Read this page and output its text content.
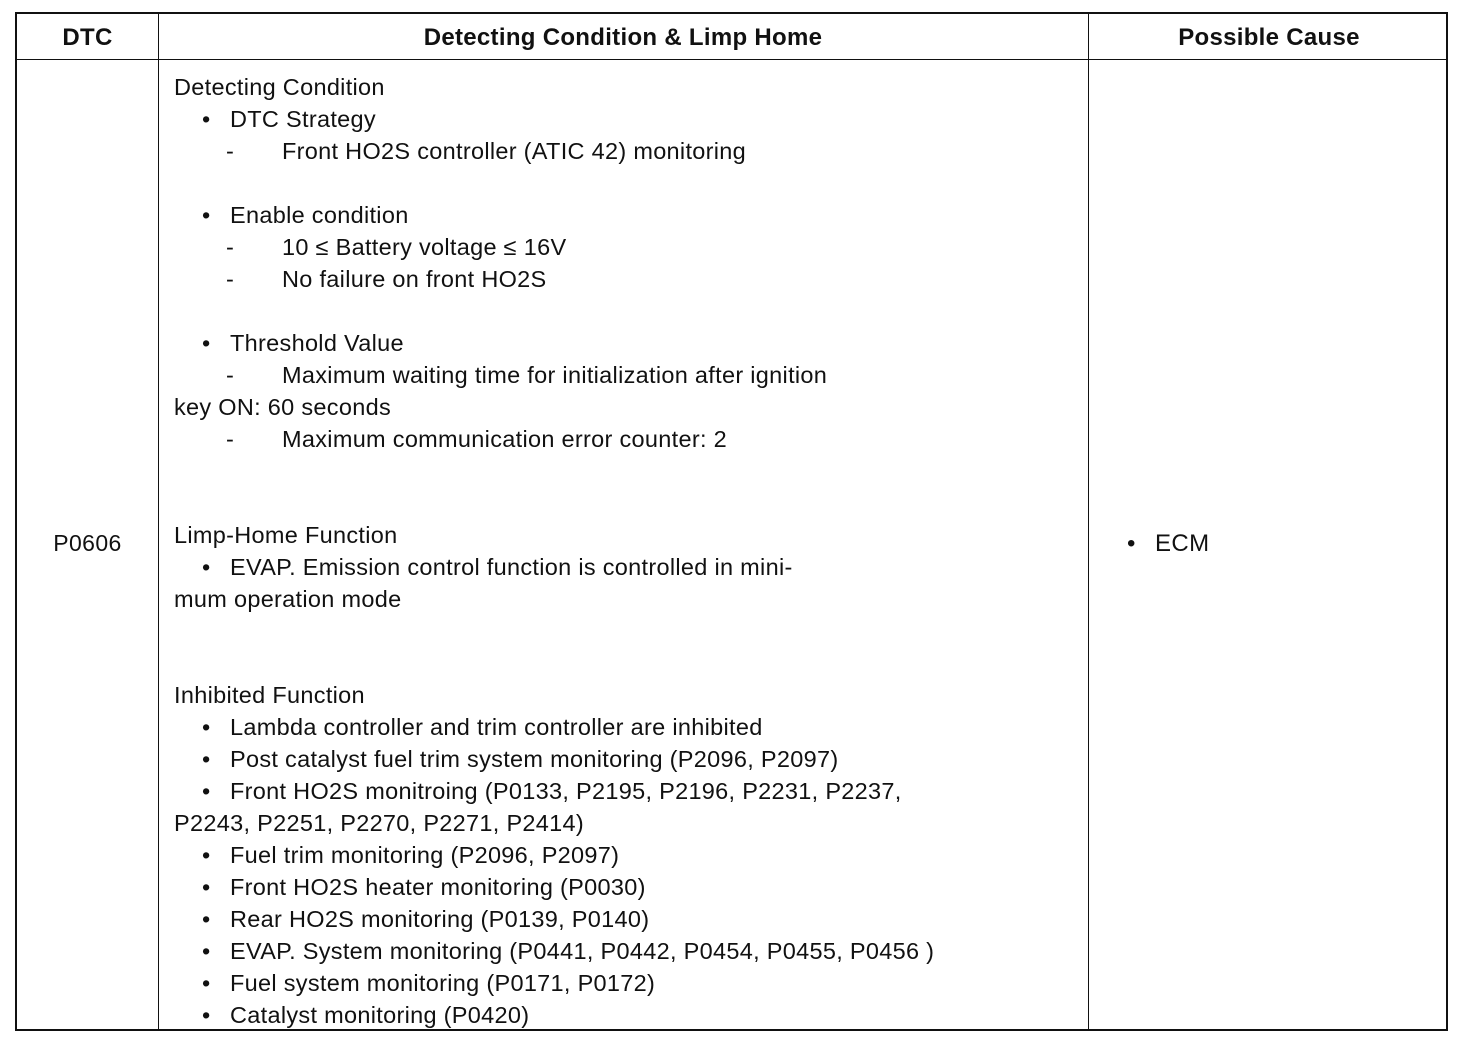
DTC	Detecting Condition & Limp Home	Possible Cause
P0606
Detecting Condition
• DTC Strategy
- Front HO2S controller (ATIC 42) monitoring
• Enable condition
- 10 ≤ Battery voltage ≤ 16V
- No failure on front HO2S
• Threshold Value
- Maximum waiting time for initialization after ignition
key ON: 60 seconds
- Maximum communication error counter: 2
Limp-Home Function
• EVAP. Emission control function is controlled in mini-
mum operation mode
Inhibited Function
• Lambda controller and trim controller are inhibited
• Post catalyst fuel trim system monitoring (P2096, P2097)
• Front HO2S monitroing (P0133, P2195, P2196, P2231, P2237,
P2243, P2251, P2270, P2271, P2414)
• Fuel trim monitoring (P2096, P2097)
• Front HO2S heater monitoring (P0030)
• Rear HO2S monitoring (P0139, P0140)
• EVAP. System monitoring (P0441, P0442, P0454, P0455, P0456 )
• Fuel system monitoring (P0171, P0172)
• Catalyst monitoring (P0420)
• ECM
